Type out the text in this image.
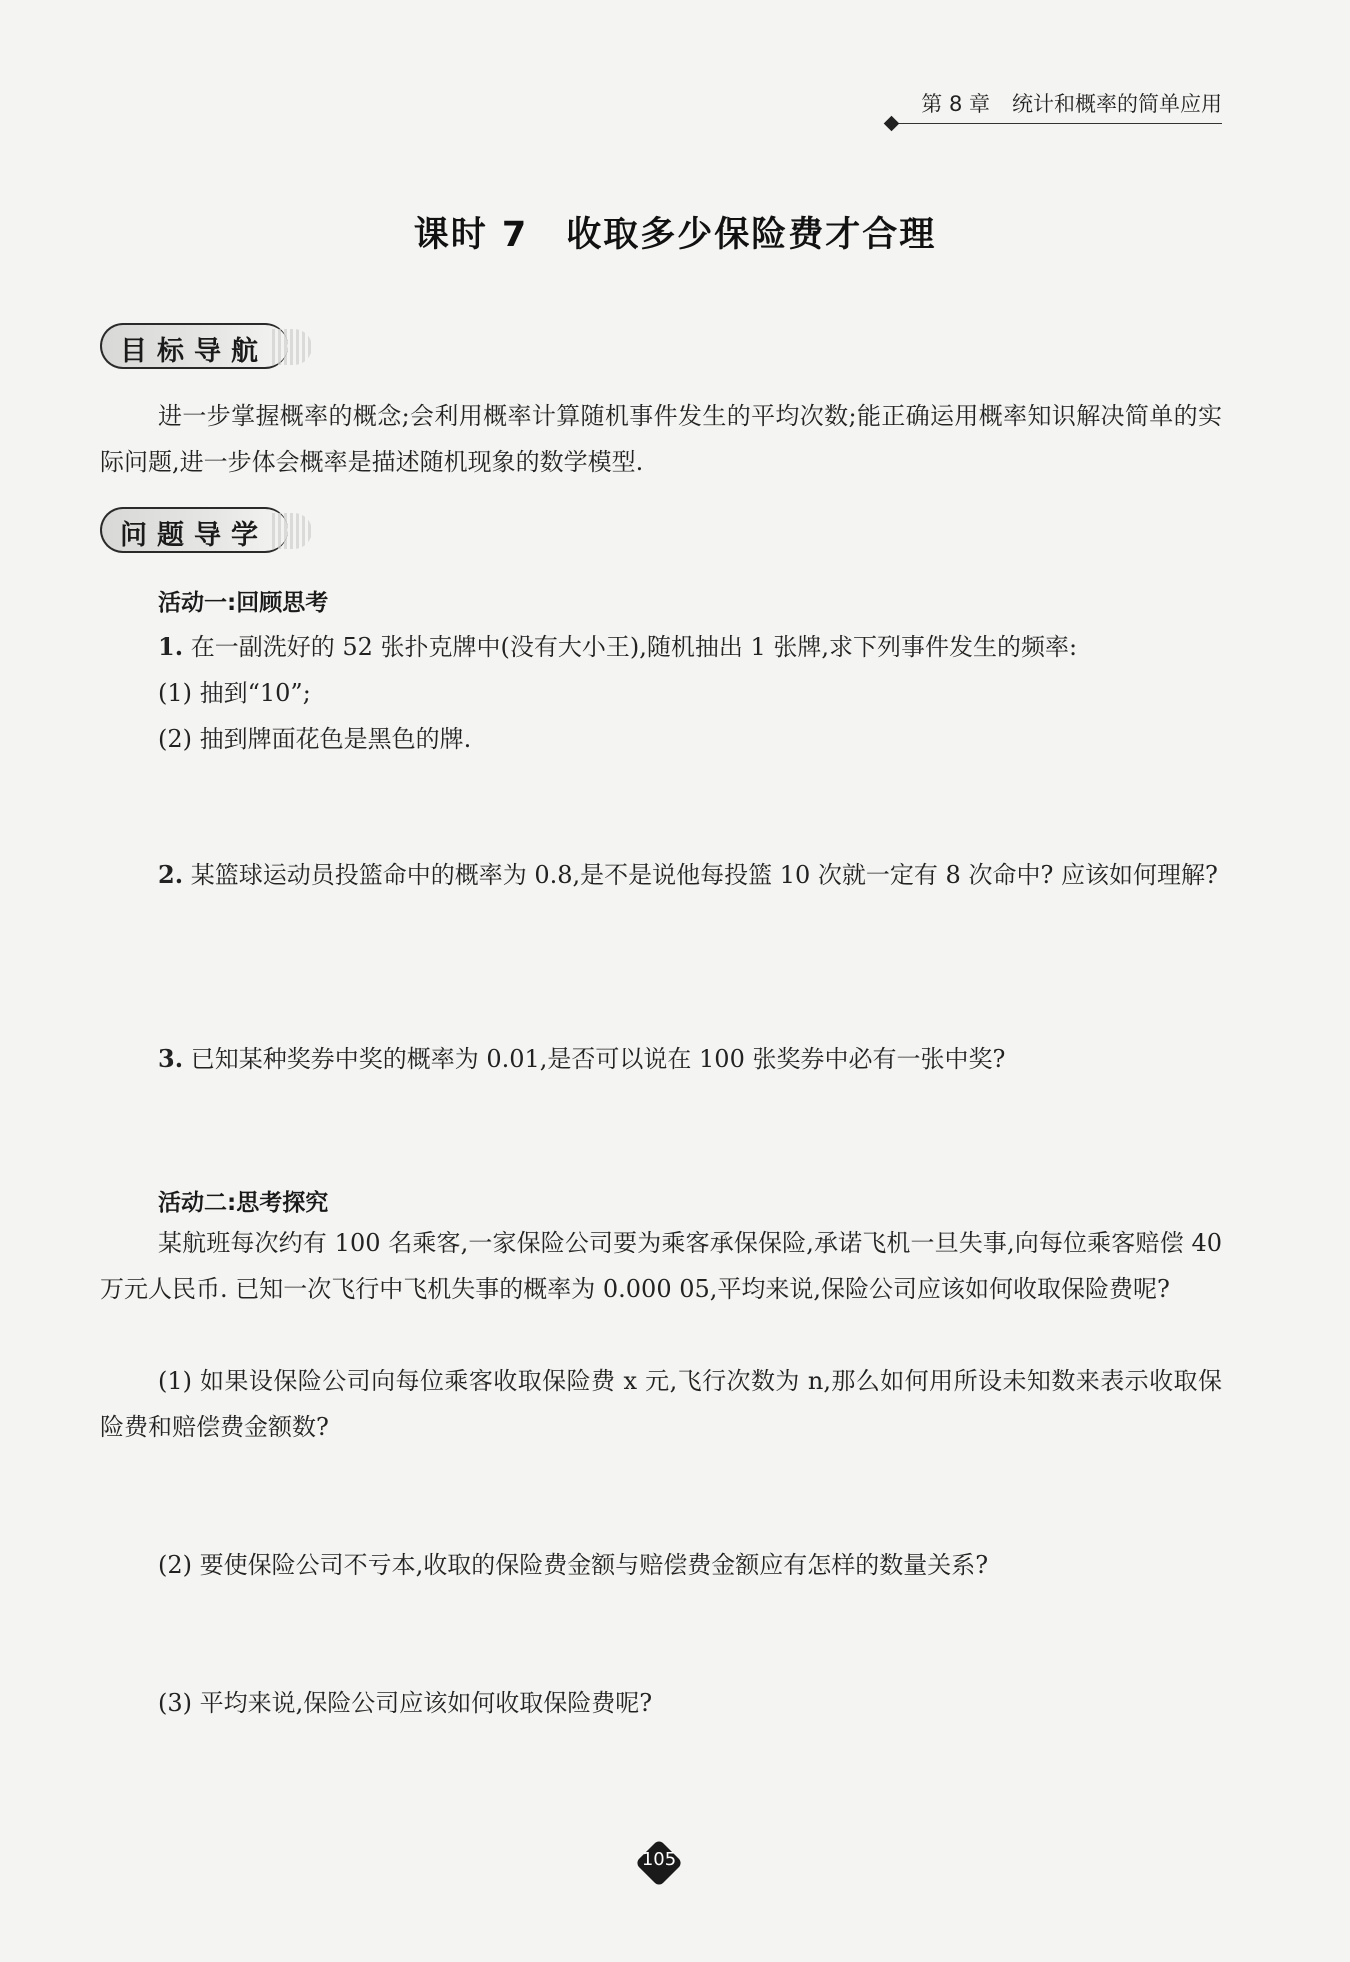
第 8 章 统计和概率的简单应用
课时 7 收取多少保险费才合理
目标导航

进一步掌握概率的概念;会利用概率计算随机事件发生的平均次数;能正确运用概率知识解决简单的实际问题,进一步体会概率是描述随机现象的数学模型.

问题导学
活动一:回顾思考

1. 在一副洗好的 52 张扑克牌中(没有大小王),随机抽出 1 张牌,求下列事件发生的频率:

(1) 抽到“10”;

(2) 抽到牌面花色是黑色的牌.

2. 某篮球运动员投篮命中的概率为 0.8,是不是说他每投篮 10 次就一定有 8 次命中? 应该如何理解?

3. 已知某种奖券中奖的概率为 0.01,是否可以说在 100 张奖券中必有一张中奖?

活动二:思考探究

某航班每次约有 100 名乘客,一家保险公司要为乘客承保保险,承诺飞机一旦失事,向每位乘客赔偿 40 万元人民币. 已知一次飞行中飞机失事的概率为 0.000 05,平均来说,保险公司应该如何收取保险费呢?

(1) 如果设保险公司向每位乘客收取保险费 x 元,飞行次数为 n,那么如何用所设未知数来表示收取保险费和赔偿费金额数?

(2) 要使保险公司不亏本,收取的保险费金额与赔偿费金额应有怎样的数量关系?

(3) 平均来说,保险公司应该如何收取保险费呢?

105
